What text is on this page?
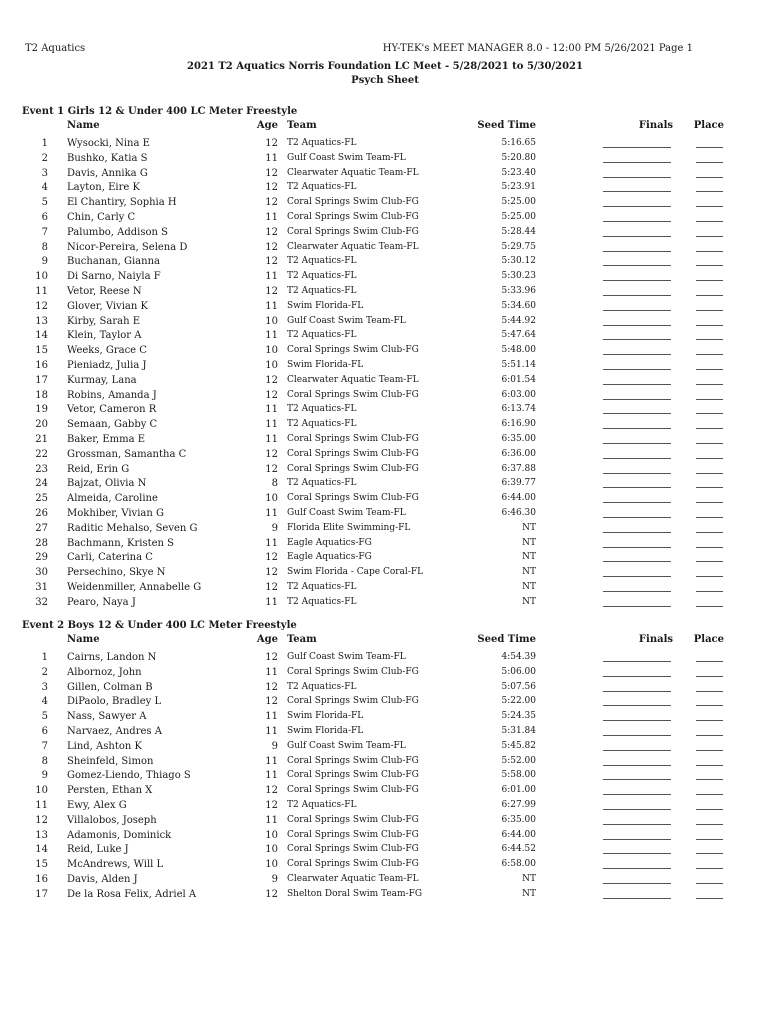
T2 Aquatics	HY-TEK's MEET MANAGER 8.0 - 12:00 PM 5/26/2021 Page 1
2021 T2 Aquatics Norris Foundation LC Meet - 5/28/2021 to 5/30/2021
Psych Sheet
Event 1 Girls 12 & Under 400 LC Meter Freestyle
Name	Age Team	Seed Time	Finals	Place
1 Wysocki, Nina E	12 T2 Aquatics-FL	5:16.65
2 Bushko, Katia S	11 Gulf Coast Swim Team-FL	5:20.80
3 Davis, Annika G	12 Clearwater Aquatic Team-FL	5:23.40
4 Layton, Eire K	12 T2 Aquatics-FL	5:23.91
5 El Chantiry, Sophia H	12 Coral Springs Swim Club-FG	5:25.00
6 Chin, Carly C	11 Coral Springs Swim Club-FG	5:25.00
7 Palumbo, Addison S	12 Coral Springs Swim Club-FG	5:28.44
8 Nicor-Pereira, Selena D	12 Clearwater Aquatic Team-FL	5:29.75
9 Buchanan, Gianna	12 T2 Aquatics-FL	5:30.12
10 Di Sarno, Naiyla F	11 T2 Aquatics-FL	5:30.23
11 Vetor, Reese N	12 T2 Aquatics-FL	5:33.96
12 Glover, Vivian K	11 Swim Florida-FL	5:34.60
13 Kirby, Sarah E	10 Gulf Coast Swim Team-FL	5:44.92
14 Klein, Taylor A	11 T2 Aquatics-FL	5:47.64
15 Weeks, Grace C	10 Coral Springs Swim Club-FG	5:48.00
16 Pieniadz, Julia J	10 Swim Florida-FL	5:51.14
17 Kurmay, Lana	12 Clearwater Aquatic Team-FL	6:01.54
18 Robins, Amanda J	12 Coral Springs Swim Club-FG	6:03.00
19 Vetor, Cameron R	11 T2 Aquatics-FL	6:13.74
20 Semaan, Gabby C	11 T2 Aquatics-FL	6:16.90
21 Baker, Emma E	11 Coral Springs Swim Club-FG	6:35.00
22 Grossman, Samantha C	12 Coral Springs Swim Club-FG	6:36.00
23 Reid, Erin G	12 Coral Springs Swim Club-FG	6:37.88
24 Bajzat, Olivia N	8 T2 Aquatics-FL	6:39.77
25 Almeida, Caroline	10 Coral Springs Swim Club-FG	6:44.00
26 Mokhiber, Vivian G	11 Gulf Coast Swim Team-FL	6:46.30
27 Raditic Mehalso, Seven G	9 Florida Elite Swimming-FL	NT
28 Bachmann, Kristen S	11 Eagle Aquatics-FG	NT
29 Carli, Caterina C	12 Eagle Aquatics-FG	NT
30 Persechino, Skye N	12 Swim Florida - Cape Coral-FL	NT
31 Weidenmiller, Annabelle G	12 T2 Aquatics-FL	NT
32 Pearo, Naya J	11 T2 Aquatics-FL	NT
Event 2 Boys 12 & Under 400 LC Meter Freestyle
Name	Age Team	Seed Time	Finals	Place
1 Cairns, Landon N	12 Gulf Coast Swim Team-FL	4:54.39
2 Albornoz, John	11 Coral Springs Swim Club-FG	5:06.00
3 Gillen, Colman B	12 T2 Aquatics-FL	5:07.56
4 DiPaolo, Bradley L	12 Coral Springs Swim Club-FG	5:22.00
5 Nass, Sawyer A	11 Swim Florida-FL	5:24.35
6 Narvaez, Andres A	11 Swim Florida-FL	5:31.84
7 Lind, Ashton K	9 Gulf Coast Swim Team-FL	5:45.82
8 Sheinfeld, Simon	11 Coral Springs Swim Club-FG	5:52.00
9 Gomez-Liendo, Thiago S	11 Coral Springs Swim Club-FG	5:58.00
10 Persten, Ethan X	12 Coral Springs Swim Club-FG	6:01.00
11 Ewy, Alex G	12 T2 Aquatics-FL	6:27.99
12 Villalobos, Joseph	11 Coral Springs Swim Club-FG	6:35.00
13 Adamonis, Dominick	10 Coral Springs Swim Club-FG	6:44.00
14 Reid, Luke J	10 Coral Springs Swim Club-FG	6:44.52
15 McAndrews, Will L	10 Coral Springs Swim Club-FG	6:58.00
16 Davis, Alden J	9 Clearwater Aquatic Team-FL	NT
17 De la Rosa Felix, Adriel A	12 Shelton Doral Swim Team-FG	NT
